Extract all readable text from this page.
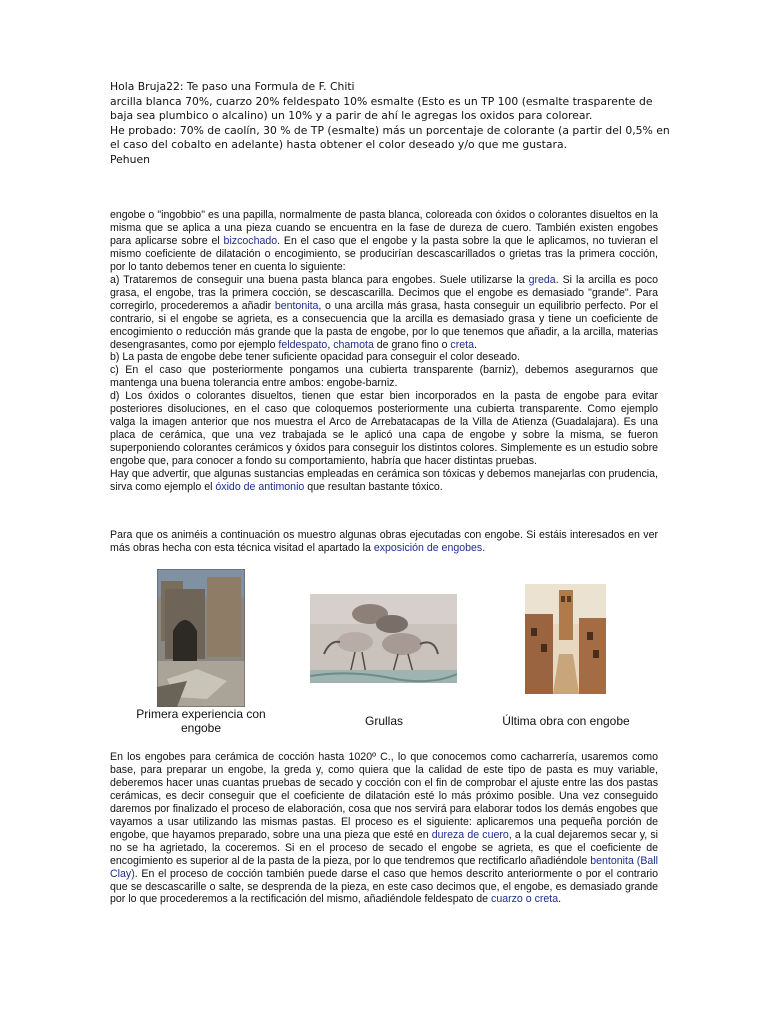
Hola Bruja22: Te paso una Formula de F. Chiti

arcilla blanca 70%, cuarzo 20% feldespato 10% esmalte (Esto es un TP 100 (esmalte trasparente de baja sea plumbico o alcalino) un 10% y a parir de ahí le agregas los oxidos para colorear.

He probado: 70% de caolín, 30 % de TP (esmalte) más un porcentaje de colorante (a partir del 0,5% en el caso del cobalto en adelante) hasta obtener el color deseado y/o que me gustara.

Pehuen

engobe o "ingobbio" es una papilla, normalmente de pasta blanca, coloreada con óxidos o colorantes disueltos en la misma que se aplica a una pieza cuando se encuentra en la fase de dureza de cuero. También existen engobes para aplicarse sobre el bizcochado. En el caso que el engobe y la pasta sobre la que le aplicamos, no tuvieran el mismo coeficiente de dilatación o encogimiento, se producirían descascarillados o grietas tras la primera cocción, por lo tanto debemos tener en cuenta lo siguiente:

a) Trataremos de conseguir una buena pasta blanca para engobes. Suele utilizarse la greda. Si la arcilla es poco grasa, el engobe, tras la primera cocción, se descascarilla. Decimos que el engobe es demasiado "grande". Para corregirlo, procederemos a añadir bentonita, o una arcilla más grasa, hasta conseguir un equilibrio perfecto. Por el contrario, si el engobe se agrieta, es a consecuencia que la arcilla es demasiado grasa y tiene un coeficiente de encogimiento o reducción más grande que la pasta de engobe, por lo que tenemos que añadir, a la arcilla, materias desengrasantes, como por ejemplo feldespato, chamota de grano fino o creta.

b) La pasta de engobe debe tener suficiente opacidad para conseguir el color deseado.

c) En el caso que posteriormente pongamos una cubierta transparente (barniz), debemos asegurarnos que mantenga una buena tolerancia entre ambos: engobe-barniz.

d) Los óxidos o colorantes disueltos, tienen que estar bien incorporados en la pasta de engobe para evitar posteriores disoluciones, en el caso que coloquemos posteriormente una cubierta transparente. Como ejemplo valga la imagen anterior que nos muestra el Arco de Arrebatacapas de la Villa de Atienza (Guadalajara). Es una placa de cerámica, que una vez trabajada se le aplicó una capa de engobe y sobre la misma, se fueron superponiendo colorantes cerámicos y óxidos para conseguir los distintos colores. Simplemente es un estudio sobre engobe que, para conocer a fondo su comportamiento, habría que hacer distintas pruebas.

Hay que advertir, que algunas sustancias empleadas en cerámica son tóxicas y debemos manejarlas con prudencia, sirva como ejemplo el óxido de antimonio que resultan bastante tóxico.

Para que os animéis a continuación os muestro algunas obras ejecutadas con engobe. Si estáis interesados en ver más obras hecha con esta técnica visitad el apartado la exposición de engobes.

Primera experiencia con engobe	Grullas	Última obra con engobe

En los engobes para cerámica de cocción hasta 1020º C., lo que conocemos como cacharrería, usaremos como base, para preparar un engobe, la greda y, como quiera que la calidad de este tipo de pasta es muy variable, deberemos hacer unas cuantas pruebas de secado y cocción con el fin de comprobar el ajuste entre las dos pastas cerámicas, es decir conseguir que el coeficiente de dilatación esté lo más próximo posible. Una vez conseguido daremos por finalizado el proceso de elaboración, cosa que nos servirá para elaborar todos los demás engobes que vayamos a usar utilizando las mismas pastas. El proceso es el siguiente: aplicaremos una pequeña porción de engobe, que hayamos preparado, sobre una una pieza que esté en dureza de cuero, a la cual dejaremos secar y, si no se ha agrietado, la coceremos. Si en el proceso de secado el engobe se agrieta, es que el coeficiente de encogimiento es superior al de la pasta de la pieza, por lo que tendremos que rectificarlo añadiéndole bentonita (Ball Clay). En el proceso de cocción también puede darse el caso que hemos descrito anteriormente o por el contrario que se descascarille o salte, se desprenda de la pieza, en este caso decimos que, el engobe, es demasiado grande por lo que procederemos a la rectificación del mismo, añadiéndole feldespato de cuarzo o creta.
